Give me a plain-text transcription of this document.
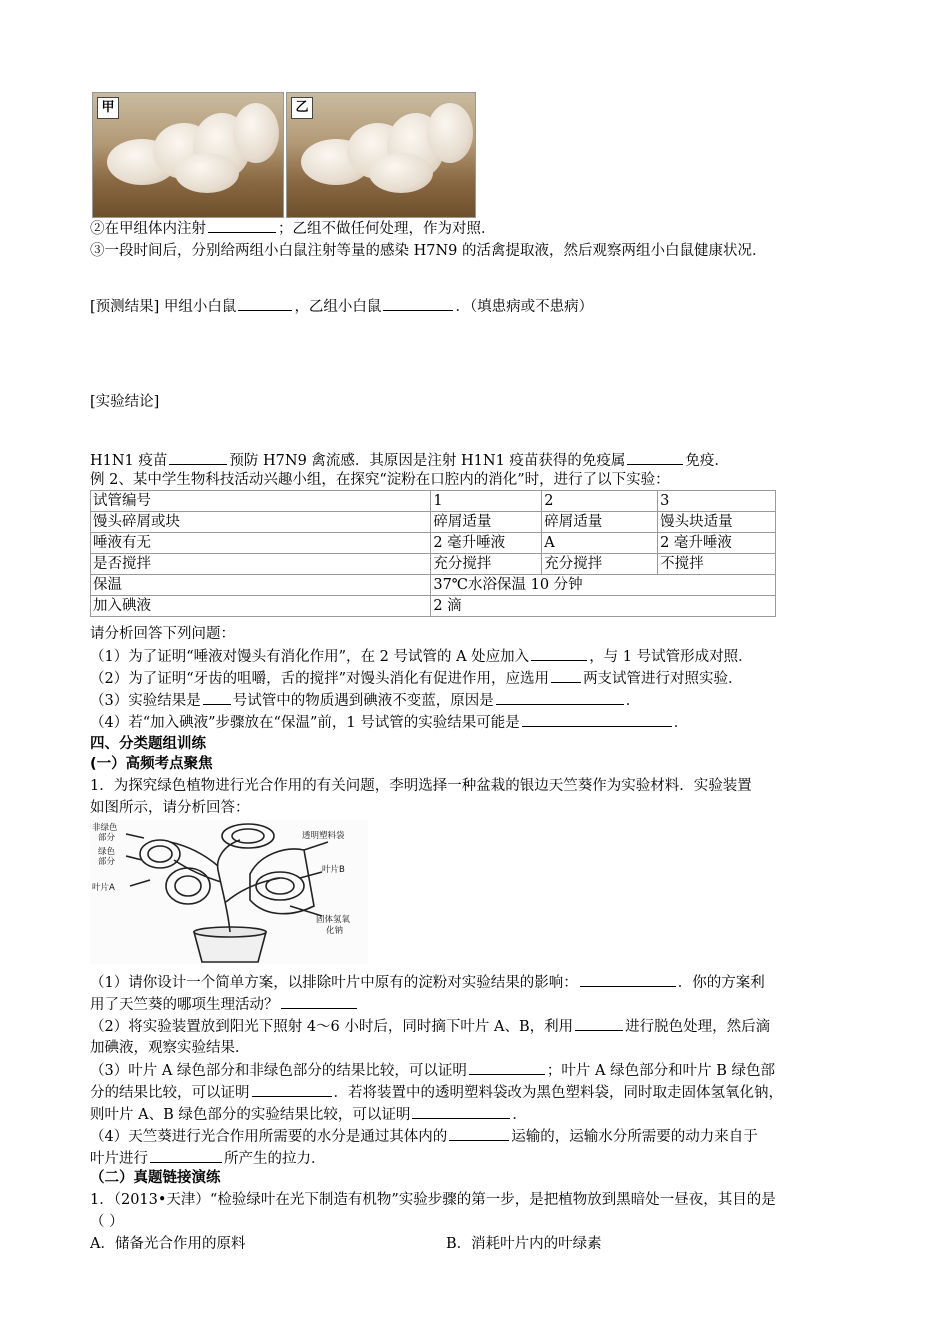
甲	乙
②在甲组体内注射	；乙组不做任何处理，作为对照．
③一段时间后，分别给两组小白鼠注射等量的感染 H7N9 的活禽提取液，然后观察两组小白鼠健康状况．
[预测结果] 甲组小白鼠	，乙组小白鼠	．（填患病或不患病）
[实验结论]
H1N1 疫苗	预防 H7N9 禽流感．其原因是注射 H1N1 疫苗获得的免疫属	免疫．
例 2、某中学生物科技活动兴趣小组，在探究“淀粉在口腔内的消化”时，进行了以下实验：
试管编号	1	2	3
馒头碎屑或块	碎屑适量	碎屑适量	馒头块适量
唾液有无	2 毫升唾液	A	2 毫升唾液
是否搅拌	充分搅拌	充分搅拌	不搅拌
保温	37℃水浴保温 10 分钟		
加入碘液	2 滴		
请分析回答下列问题：
（1）为了证明“唾液对馒头有消化作用”，在 2 号试管的 A 处应加入	，与 1 号试管形成对照．
（2）为了证明“牙齿的咀嚼，舌的搅拌”对馒头消化有促进作用，应选用 两支试管进行对照实验．
（3）实验结果是 号试管中的物质遇到碘液不变蓝，原因是	．
（4）若“加入碘液”步骤放在“保温”前，1 号试管的实验结果可能是	．
四、分类题组训练
(一）高频考点聚焦
1．为探究绿色植物进行光合作用的有关问题，李明选择一种盆栽的银边天竺葵作为实验材料．实验装置
如图所示，请分析回答：
非绿色
部分
绿色
部分
叶片A
透明塑料袋
叶片B
固体氢氧
化钠
（1）请你设计一个简单方案，以排除叶片中原有的淀粉对实验结果的影响：	．你的方案利
用了天竺葵的哪项生理活动？
（2）将实验装置放到阳光下照射 4～6 小时后，同时摘下叶片 A、B，利用	进行脱色处理，然后滴
加碘液，观察实验结果．
（3）叶片 A 绿色部分和非绿色部分的结果比较，可以证明	；叶片 A 绿色部分和叶片 B 绿色部
分的结果比较，可以证明	．若将装置中的透明塑料袋改为黑色塑料袋，同时取走固体氢氧化钠，
则叶片 A、B 绿色部分的实验结果比较，可以证明	．
（4）天竺葵进行光合作用所需要的水分是通过其体内的	运输的，运输水分所需要的动力来自于
叶片进行	所产生的拉力．
（二）真题链接演练
1．（2013•天津）“检验绿叶在光下制造有机物”实验步骤的第一步，是把植物放到黑暗处一昼夜，其目的是
（ ）
A．储备光合作用的原料	B．消耗叶片内的叶绿素
